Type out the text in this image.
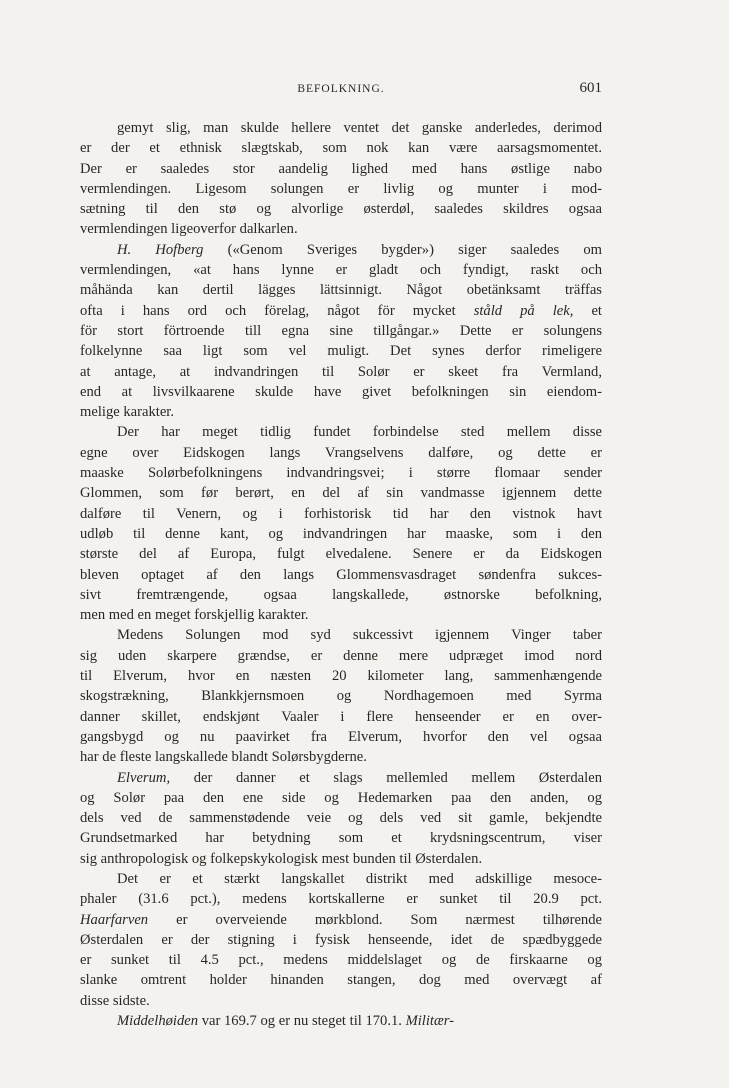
BEFOLKNING.	601
gemyt slig, man skulde hellere ventet det ganske anderledes, derimod
er der et ethnisk slægtskab, som nok kan være aarsagsmomentet.
Der er saaledes stor aandelig lighed med hans østlige nabo
vermlendingen. Ligesom solungen er livlig og munter i mod-
sætning til den stø og alvorlige østerdøl, saaledes skildres ogsaa
vermlendingen ligeoverfor dalkarlen.
H. Hofberg («Genom Sveriges bygder») siger saaledes om
vermlendingen, «at hans lynne er gladt och fyndigt, raskt och
måhända kan dertil lägges lättsinnigt. Något obetänksamt träffas
ofta i hans ord och förelag, något för mycket ståld på lek, et
för stort förtroende till egna sine tillgångar.» Dette er solungens
folkelynne saa ligt som vel muligt. Det synes derfor rimeligere
at antage, at indvandringen til Solør er skeet fra Vermland,
end at livsvilkaarene skulde have givet befolkningen sin eiendom-
melige karakter.
Der har meget tidlig fundet forbindelse sted mellem disse
egne over Eidskogen langs Vrangselvens dalføre, og dette er
maaske Solørbefolkningens indvandringsvei; i større flomaar sender
Glommen, som før berørt, en del af sin vandmasse igjennem dette
dalføre til Venern, og i forhistorisk tid har den vistnok havt
udløb til denne kant, og indvandringen har maaske, som i den
største del af Europa, fulgt elvedalene. Senere er da Eidskogen
bleven optaget af den langs Glommensvasdraget søndenfra sukces-
sivt fremtrængende, ogsaa langskallede, østnorske befolkning,
men med en meget forskjellig karakter.
Medens Solungen mod syd sukcessivt igjennem Vinger taber
sig uden skarpere grændse, er denne mere udpræget imod nord
til Elverum, hvor en næsten 20 kilometer lang, sammenhængende
skogstrækning, Blankkjernsmoen og Nordhagemoen med Syrma
danner skillet, endskjønt Vaaler i flere henseender er en over-
gangsbygd og nu paavirket fra Elverum, hvorfor den vel ogsaa
har de fleste langskallede blandt Solørsbygderne.
Elverum, der danner et slags mellemled mellem Østerdalen
og Solør paa den ene side og Hedemarken paa den anden, og
dels ved de sammenstødende veie og dels ved sit gamle, bekjendte
Grundsetmarked har betydning som et krydsningscentrum, viser
sig anthropologisk og folkepskykologisk mest bunden til Østerdalen.
Det er et stærkt langskallet distrikt med adskillige mesoce-
phaler (31.6 pct.), medens kortskallerne er sunket til 20.9 pct.
Haarfarven er overveiende mørkblond. Som nærmest tilhørende
Østerdalen er der stigning i fysisk henseende, idet de spædbyggede
er sunket til 4.5 pct., medens middelslaget og de firskaarne og
slanke omtrent holder hinanden stangen, dog med overvægt af
disse sidste.
Middelhøiden var 169.7 og er nu steget til 170.1. Militær-
